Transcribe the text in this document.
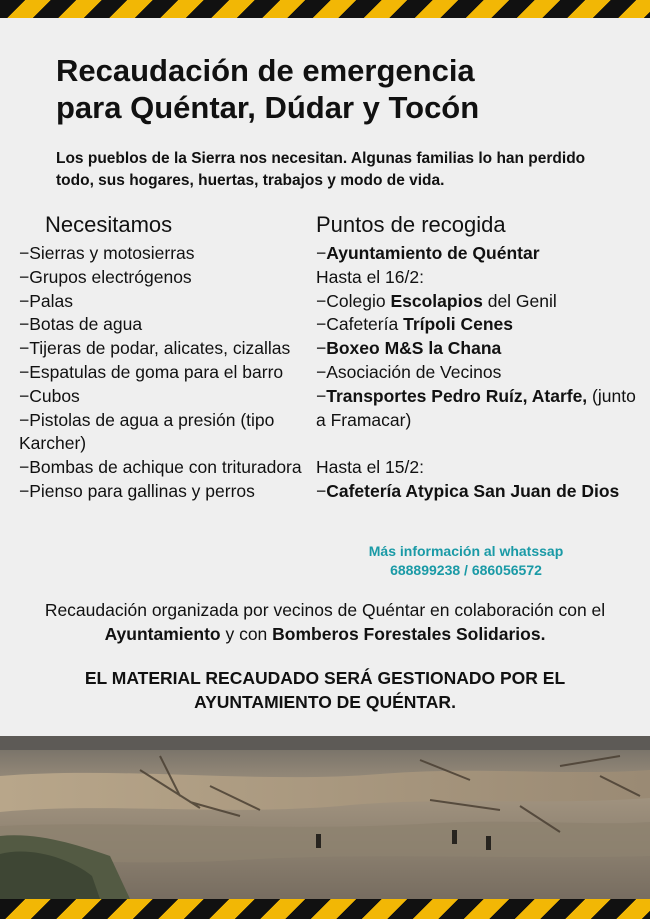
Recaudación de emergencia
para Quéntar, Dúdar y Tocón

Los pueblos de la Sierra nos necesitan. Algunas familias lo han perdido todo, sus hogares, huertas, trabajos y modo de vida.

Necesitamos
−Sierras y motosierras
−Grupos electrógenos
−Palas
−Botas de agua
−Tijeras de podar, alicates, cizallas
−Espatulas de goma para el barro
−Cubos
−Pistolas de agua a presión (tipo Karcher)
−Bombas de achique con trituradora
−Pienso para gallinas y perros
Puntos de recogida
−Ayuntamiento de Quéntar
Hasta el 16/2:
−Colegio Escolapios del Genil
−Cafetería Trípoli Cenes
−Boxeo M&S la Chana
−Asociación de Vecinos
−Transportes Pedro Ruíz, Atarfe, (junto a Framacar)
Hasta el 15/2:
−Cafetería Atypica San Juan de Dios
Más información al whatssap
688899238 / 686056572

Recaudación organizada por vecinos de Quéntar en colaboración con el Ayuntamiento y con Bomberos Forestales Solidarios.

EL MATERIAL RECAUDADO SERÁ GESTIONADO POR EL AYUNTAMIENTO DE QUÉNTAR.
